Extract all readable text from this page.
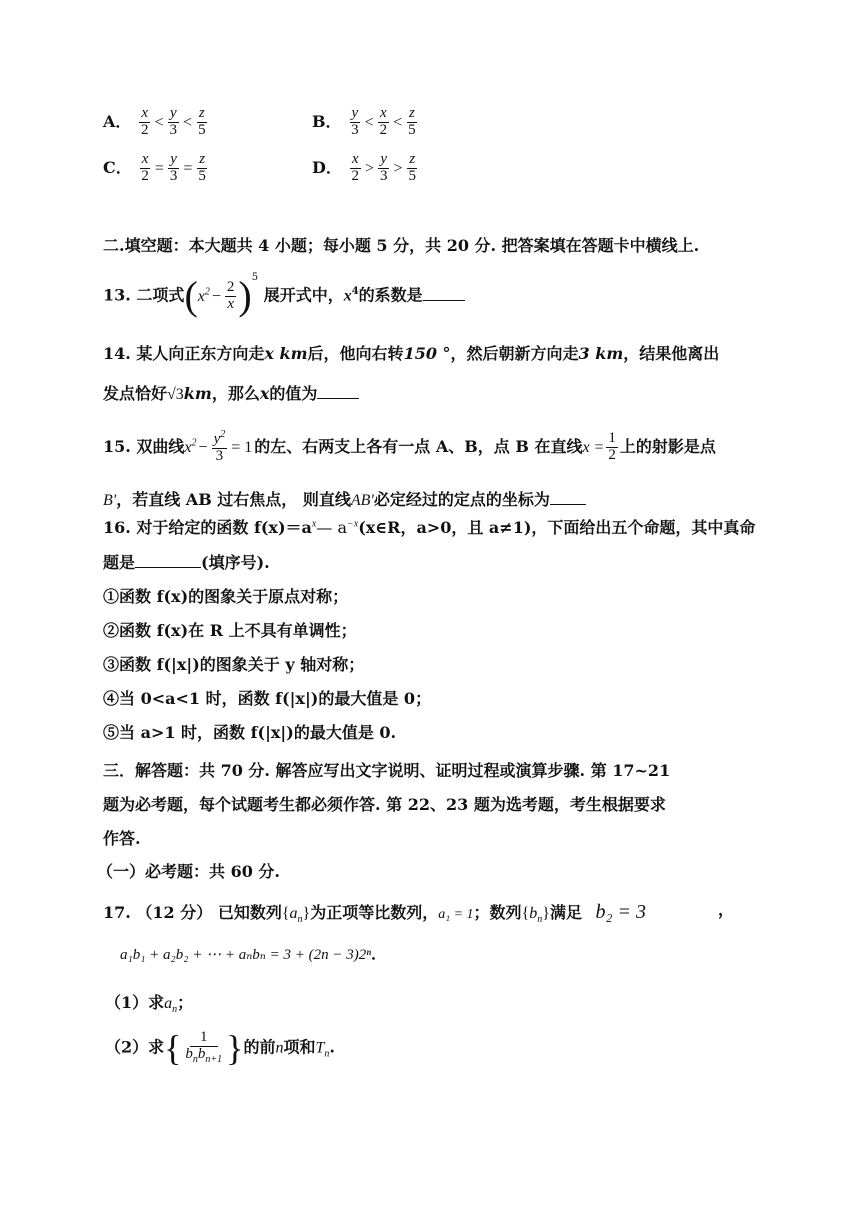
A． $\frac{x}{2} < \frac{y}{3} < \frac{z}{5}$	B． $\frac{y}{3} < \frac{x}{2} < \frac{z}{5}$
C． $\frac{x}{2} = \frac{y}{3} = \frac{z}{5}$	D． $\frac{x}{2} > \frac{y}{3} > \frac{z}{5}$
二.填空题：本大题共 4 小题；每小题 5 分，共 20 分. 把答案填在答题卡中横线上.
13. 二项式$(x^2 - \frac{2}{x} )^5$ 展开式中，$x^4$的系数是
14. 某人向正东方向走x km后，他向右转150 °，然后朝新方向走3 km，结果他离出
发点恰好√3km，那么x的值为
15. 双曲线$x^2 - \frac{y^2}{3} = 1$ 的左、右两支上各有一点 A、B，点 B 在直线$x = \frac{1}{2}$ 上的射影是点
B'，若直线 AB 过右焦点， 则直线AB'必定经过的定点的坐标为
16. 对于给定的函数 $f(x)=a^x—$ $a^{-x}(x\in R$，a>0，且 a≠1)，下面给出五个命题，其中真命
题是	(填序号).
①函数 f(x)的图象关于原点对称；
②函数 f(x)在 R 上不具有单调性；
③函数 f(|x|)的图象关于 y 轴对称；
④当 0<a<1 时，函数 f(|x|)的最大值是 0；
⑤当 a>1 时，函数 f(|x|)的最大值是 0.
三．解答题：共 70 分. 解答应写出文字说明、证明过程或演算步骤. 第 17~21
题为必考题，每个试题考生都必须作答. 第 22、23 题为选考题，考生根据要求
作答.
（一）必考题：共 60 分.
17. （12 分） 已知数列$\{a_n\}$为正项等比数列，a₁ = 1；数列$\{b_n\}$满足 b₂ = 3	，
a₁b₁ + a₂b₂ + ⋯ + aₙbₙ = 3 + (2n − 3)2ⁿ．
（1）求$a_n$；
（2）求{ $\frac{1}{b_nb_{n+1}}$ }的前n项和$T_n$.
